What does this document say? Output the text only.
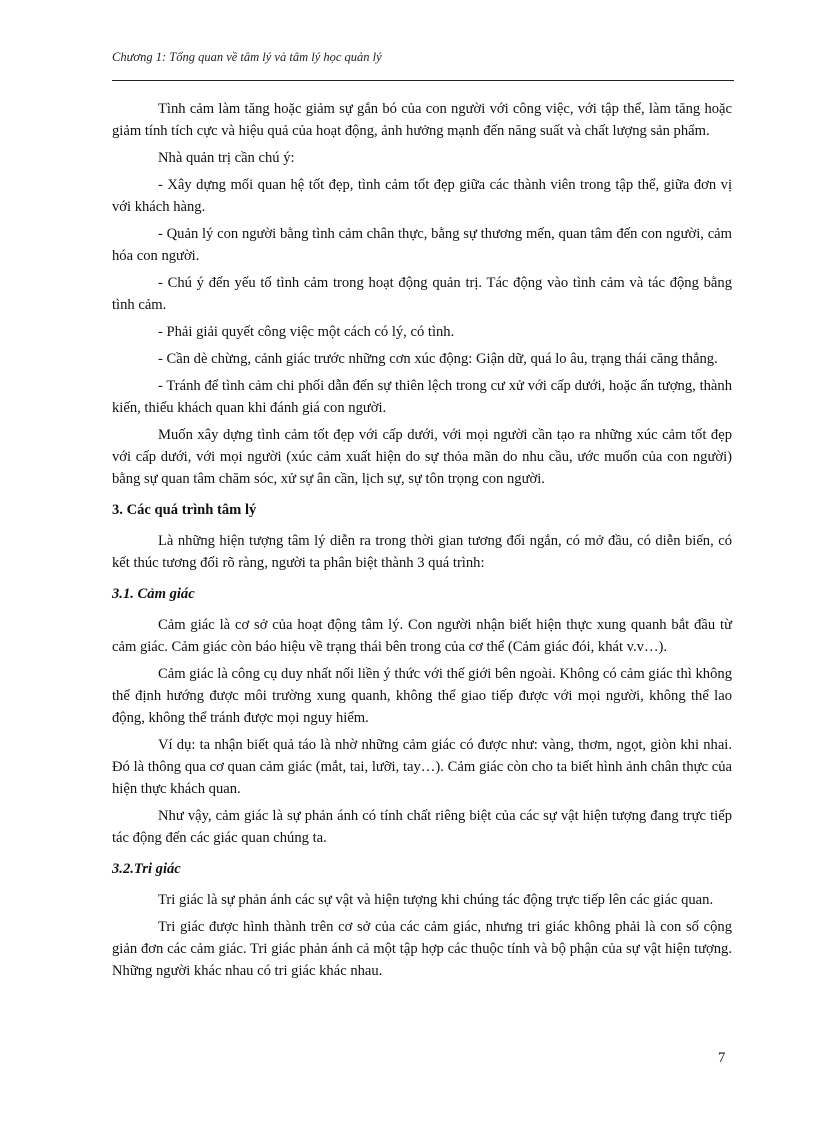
Chương 1: Tổng quan về tâm lý và tâm lý học quản lý

Tình cảm làm tăng hoặc giảm sự gắn bó của con người với công việc, với tập thể, làm tăng hoặc giảm tính tích cực và hiệu quả của hoạt động, ảnh hưởng mạnh đến năng suất và chất lượng sản phẩm.

Nhà quản trị cần chú ý:

- Xây dựng mối quan hệ tốt đẹp, tình cảm tốt đẹp giữa các thành viên trong tập thể, giữa đơn vị với khách hàng.

- Quản lý con người bằng tình cảm chân thực, bằng sự thương mến, quan tâm đến con người, cảm hóa con người.

- Chú ý đến yếu tố tình cảm trong hoạt động quản trị. Tác động vào tình cảm và tác động bằng tình cảm.

- Phải giải quyết công việc một cách có lý, có tình.

- Cần dè chừng, cảnh giác trước những cơn xúc động: Giận dữ, quá lo âu, trạng thái căng thẳng.

- Tránh để tình cảm chi phối dẫn đến sự thiên lệch trong cư xử với cấp dưới, hoặc ấn tượng, thành kiến, thiếu khách quan khi đánh giá con người.

Muốn xây dựng tình cảm tốt đẹp với cấp dưới, với mọi người cần tạo ra những xúc cảm tốt đẹp với cấp dưới, với mọi người (xúc cảm xuất hiện do sự thỏa mãn do nhu cầu, ước muốn của con người) bằng sự quan tâm chăm sóc, xử sự ân cần, lịch sự, sự tôn trọng con người.

3. Các quá trình tâm lý

Là những hiện tượng tâm lý diễn ra trong thời gian tương đối ngắn, có mở đầu, có diễn biến, có kết thúc tương đối rõ ràng, người ta phân biệt thành 3 quá trình:

3.1. Cảm giác

Cảm giác là cơ sở của hoạt động tâm lý. Con người nhận biết hiện thực xung quanh bắt đầu từ cảm giác. Cảm giác còn báo hiệu về trạng thái bên trong của cơ thể (Cảm giác đói, khát v.v…).

Cảm giác là công cụ duy nhất nối liền ý thức với thế giới bên ngoài. Không có cảm giác thì không thể định hướng được môi trường xung quanh, không thể giao tiếp được với mọi người, không thể lao động, không thể tránh được mọi nguy hiểm.

Ví dụ: ta nhận biết quả táo là nhờ những cảm giác có được như: vàng, thơm, ngọt, giòn khi nhai. Đó là thông qua cơ quan cảm giác (mắt, tai, lưỡi, tay…). Cảm giác còn cho ta biết hình ảnh chân thực của hiện thực khách quan.

Như vậy, cảm giác là sự phản ánh có tính chất riêng biệt của các sự vật hiện tượng đang trực tiếp tác động đến các giác quan chúng ta.

3.2.Tri giác

Tri giác là sự phản ánh các sự vật và hiện tượng khi chúng tác động trực tiếp lên các giác quan.

Tri giác được hình thành trên cơ sở của các cảm giác, nhưng tri giác không phải là con số cộng giản đơn các cảm giác. Tri giác phản ánh cả một tập hợp các thuộc tính và bộ phận của sự vật hiện tượng. Những người khác nhau có tri giác khác nhau.

7
